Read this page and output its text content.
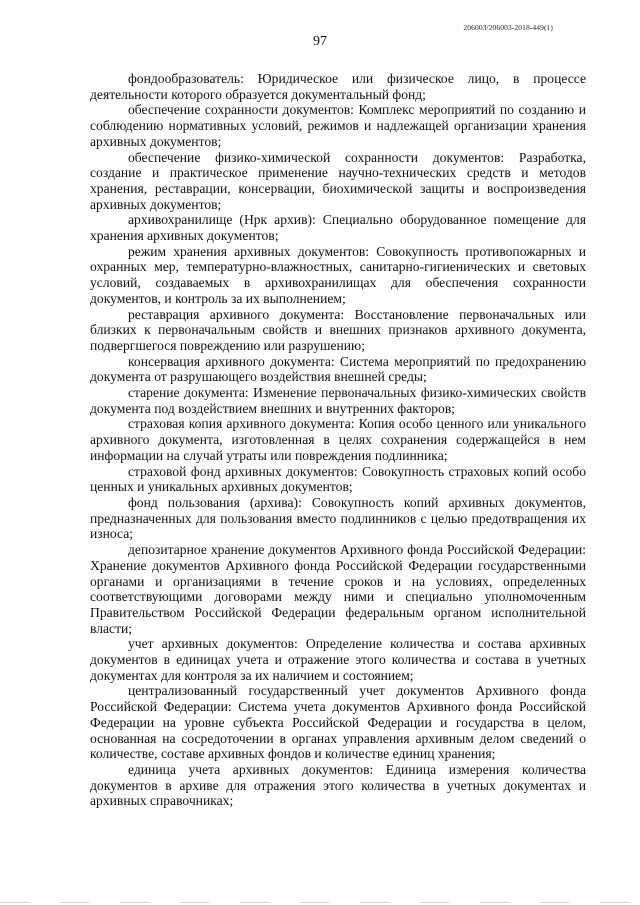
206003/206003-2018-449(1)
97

фондообразователь: Юридическое или физическое лицо, в процессе деятельности которого образуется документальный фонд;

обеспечение сохранности документов: Комплекс мероприятий по созданию и соблюдению нормативных условий, режимов и надлежащей организации хранения архивных документов;

обеспечение физико-химической сохранности документов: Разработка, создание и практическое применение научно-технических средств и методов хранения, реставрации, консервации, биохимической защиты и воспроизведения архивных документов;

архивохранилище (Нрк архив): Специально оборудованное помещение для хранения архивных документов;

режим хранения архивных документов: Совокупность противопожарных и охранных мер, температурно-влажностных, санитарно-гигиенических и световых условий, создаваемых в архивохранилищах для обеспечения сохранности документов, и контроль за их выполнением;

реставрация архивного документа: Восстановление первоначальных или близких к первоначальным свойств и внешних признаков архивного документа, подвергшегося повреждению или разрушению;

консервация архивного документа: Система мероприятий по предохранению документа от разрушающего воздействия внешней среды;

старение документа: Изменение первоначальных физико-химических свойств документа под воздействием внешних и внутренних факторов;

страховая копия архивного документа: Копия особо ценного или уникального архивного документа, изготовленная в целях сохранения содержащейся в нем информации на случай утраты или повреждения подлинника;

страховой фонд архивных документов: Совокупность страховых копий особо ценных и уникальных архивных документов;

фонд пользования (архива): Совокупность копий архивных документов, предназначенных для пользования вместо подлинников с целью предотвращения их износа;

депозитарное хранение документов Архивного фонда Российской Федерации: Хранение документов Архивного фонда Российской Федерации государственными органами и организациями в течение сроков и на условиях, определенных соответствующими договорами между ними и специально уполномоченным Правительством Российской Федерации федеральным органом исполнительной власти;

учет архивных документов: Определение количества и состава архивных документов в единицах учета и отражение этого количества и состава в учетных документах для контроля за их наличием и состоянием;

централизованный государственный учет документов Архивного фонда Российской Федерации: Система учета документов Архивного фонда Российской Федерации на уровне субъекта Российской Федерации и государства в целом, основанная на сосредоточении в органах управления архивным делом сведений о количестве, составе архивных фондов и количестве единиц хранения;

единица учета архивных документов: Единица измерения количества документов в архиве для отражения этого количества в учетных документах и архивных справочниках;
